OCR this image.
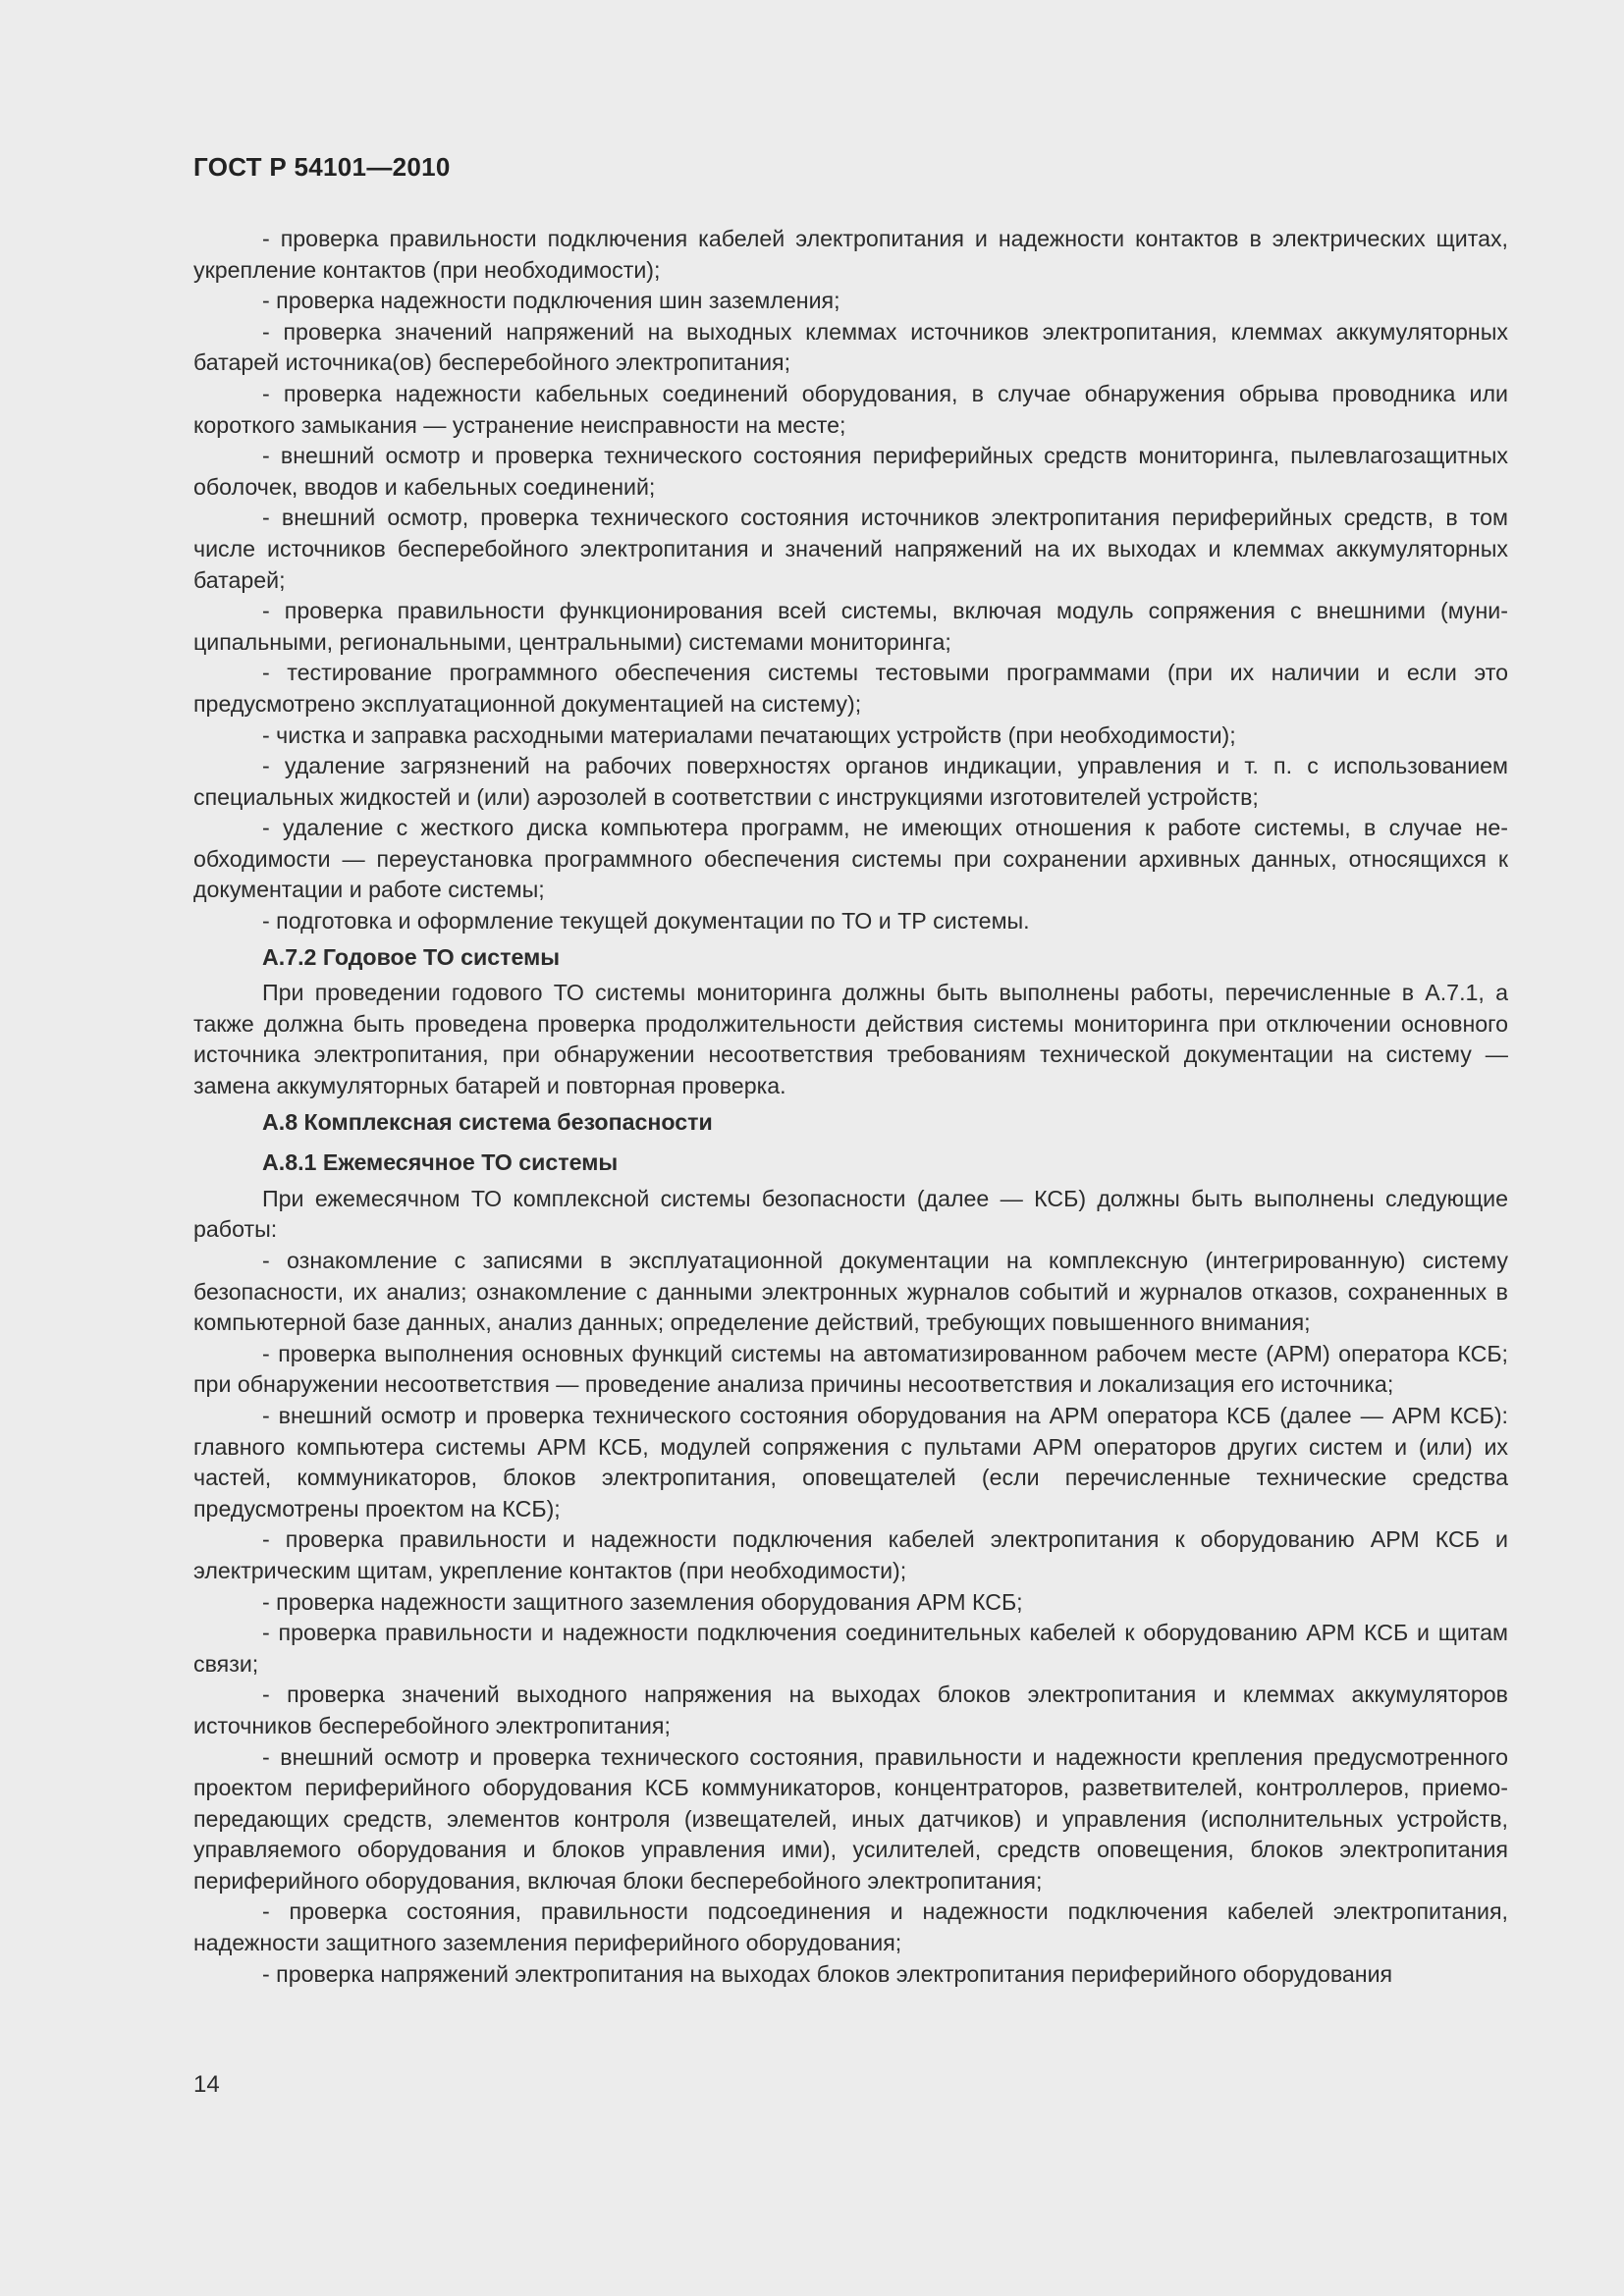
ГОСТ Р 54101—2010

- проверка правильности подключения кабелей электропитания и надежности контактов в электрических щитах, укрепление контактов (при необходимости);

- проверка надежности подключения шин заземления;

- проверка значений напряжений на выходных клеммах источников электропитания, клеммах аккумуляторных батарей источника(ов) бесперебойного электропитания;

- проверка надежности кабельных соединений оборудования, в случае обнаружения обрыва проводника или короткого замыкания — устранение неисправности на месте;

- внешний осмотр и проверка технического состояния периферийных средств мониторинга, пылевлагозащитных оболочек, вводов и кабельных соединений;

- внешний осмотр, проверка технического состояния источников электропитания периферийных средств, в том числе источников бесперебойного электропитания и значений напряжений на их выходах и клеммах аккумуляторных батарей;

- проверка правильности функционирования всей системы, включая модуль сопряжения с внешними (муниципальными, региональными, центральными) системами мониторинга;

- тестирование программного обеспечения системы тестовыми программами (при их наличии и если это предусмотрено эксплуатационной документацией на систему);

- чистка и заправка расходными материалами печатающих устройств (при необходимости);

- удаление загрязнений на рабочих поверхностях органов индикации, управления и т. п. с использованием специальных жидкостей и (или) аэрозолей в соответствии с инструкциями изготовителей устройств;

- удаление с жесткого диска компьютера программ, не имеющих отношения к работе системы, в случае необходимости — переустановка программного обеспечения системы при сохранении архивных данных, относящихся к документации и работе системы;

- подготовка и оформление текущей документации по ТО и ТР системы.

А.7.2 Годовое ТО системы

При проведении годового ТО системы мониторинга должны быть выполнены работы, перечисленные в А.7.1, а также должна быть проведена проверка продолжительности действия системы мониторинга при отключении основного источника электропитания, при обнаружении несоответствия требованиям технической документации на систему — замена аккумуляторных батарей и повторная проверка.

А.8 Комплексная система безопасности

А.8.1 Ежемесячное ТО системы

При ежемесячном ТО комплексной системы безопасности (далее — КСБ) должны быть выполнены следующие работы:

- ознакомление с записями в эксплуатационной документации на комплексную (интегрированную) систему безопасности, их анализ; ознакомление с данными электронных журналов событий и журналов отказов, сохраненных в компьютерной базе данных, анализ данных; определение действий, требующих повышенного внимания;

- проверка выполнения основных функций системы на автоматизированном рабочем месте (АРМ) оператора КСБ; при обнаружении несоответствия — проведение анализа причины несоответствия и локализация его источника;

- внешний осмотр и проверка технического состояния оборудования на АРМ оператора КСБ (далее — АРМ КСБ): главного компьютера системы АРМ КСБ, модулей сопряжения с пультами АРМ операторов других систем и (или) их частей, коммуникаторов, блоков электропитания, оповещателей (если перечисленные технические средства предусмотрены проектом на КСБ);

- проверка правильности и надежности подключения кабелей электропитания к оборудованию АРМ КСБ и электрическим щитам, укрепление контактов (при необходимости);

- проверка надежности защитного заземления оборудования АРМ КСБ;

- проверка правильности и надежности подключения соединительных кабелей к оборудованию АРМ КСБ и щитам связи;

- проверка значений выходного напряжения на выходах блоков электропитания и клеммах аккумуляторов источников бесперебойного электропитания;

- внешний осмотр и проверка технического состояния, правильности и надежности крепления предусмотренного проектом периферийного оборудования КСБ коммуникаторов, концентраторов, разветвителей, контроллеров, приемо-передающих средств, элементов контроля (извещателей, иных датчиков) и управления (исполнительных устройств, управляемого оборудования и блоков управления ими), усилителей, средств оповещения, блоков электропитания периферийного оборудования, включая блоки бесперебойного электропитания;

- проверка состояния, правильности подсоединения и надежности подключения кабелей электропитания, надежности защитного заземления периферийного оборудования;

- проверка напряжений электропитания на выходах блоков электропитания периферийного оборудования

14
